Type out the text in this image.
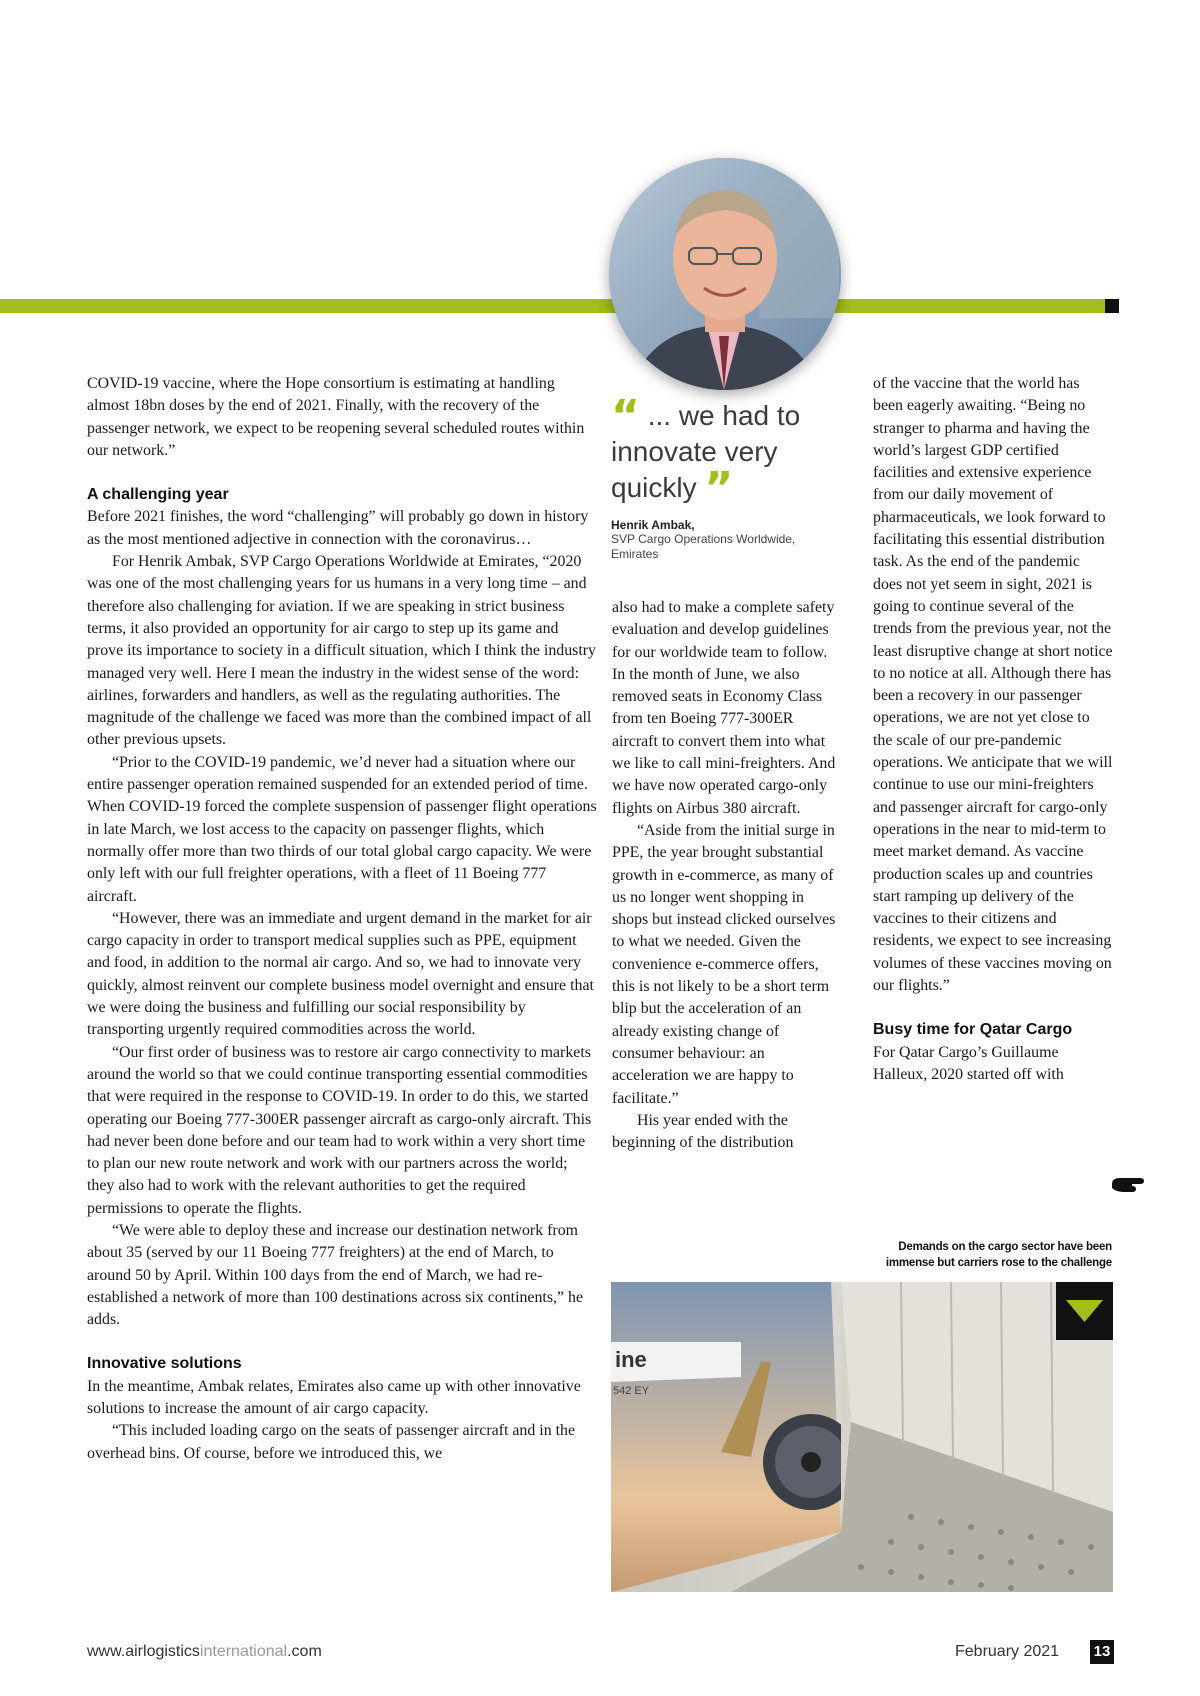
COVID-19 vaccine, where the Hope consortium is estimating at handling almost 18bn doses by the end of 2021. Finally, with the recovery of the passenger network, we expect to be reopening several scheduled routes within our network.”

A challenging year

Before 2021 finishes, the word “challenging” will probably go down in history as the most mentioned adjective in connection with the coronavirus…

For Henrik Ambak, SVP Cargo Operations Worldwide at Emirates, “2020 was one of the most challenging years for us humans in a very long time – and therefore also challenging for aviation. If we are speaking in strict business terms, it also provided an opportunity for air cargo to step up its game and prove its importance to society in a difficult situation, which I think the industry managed very well. Here I mean the industry in the widest sense of the word: airlines, forwarders and handlers, as well as the regulating authorities. The magnitude of the challenge we faced was more than the combined impact of all other previous upsets.

“Prior to the COVID-19 pandemic, we’d never had a situation where our entire passenger operation remained suspended for an extended period of time. When COVID-19 forced the complete suspension of passenger flight operations in late March, we lost access to the capacity on passenger flights, which normally offer more than two thirds of our total global cargo capacity. We were only left with our full freighter operations, with a fleet of 11 Boeing 777 aircraft.

“However, there was an immediate and urgent demand in the market for air cargo capacity in order to transport medical supplies such as PPE, equipment and food, in addition to the normal air cargo. And so, we had to innovate very quickly, almost reinvent our complete business model overnight and ensure that we were doing the business and fulfilling our social responsibility by transporting urgently required commodities across the world.

“Our first order of business was to restore air cargo connectivity to markets around the world so that we could continue transporting essential commodities that were required in the response to COVID-19. In order to do this, we started operating our Boeing 777-300ER passenger aircraft as cargo-only aircraft. This had never been done before and our team had to work within a very short time to plan our new route network and work with our partners across the world; they also had to work with the relevant authorities to get the required permissions to operate the flights.

“We were able to deploy these and increase our destination network from about 35 (served by our 11 Boeing 777 freighters) at the end of March, to around 50 by April. Within 100 days from the end of March, we had re-established a network of more than 100 destinations across six continents,” he adds.

Innovative solutions

In the meantime, Ambak relates, Emirates also came up with other innovative solutions to increase the amount of air cargo capacity.

“This included loading cargo on the seats of passenger aircraft and in the overhead bins. Of course, before we introduced this, we

“ ... we had to innovate very quickly ”
Henrik Ambak,
SVP Cargo Operations Worldwide, Emirates

also had to make a complete safety evaluation and develop guidelines for our worldwide team to follow. In the month of June, we also removed seats in Economy Class from ten Boeing 777-300ER aircraft to convert them into what we like to call mini-freighters. And we have now operated cargo-only flights on Airbus 380 aircraft.

“Aside from the initial surge in PPE, the year brought substantial growth in e-commerce, as many of us no longer went shopping in shops but instead clicked ourselves to what we needed. Given the convenience e-commerce offers, this is not likely to be a short term blip but the acceleration of an already existing change of consumer behaviour: an acceleration we are happy to facilitate.”

His year ended with the beginning of the distribution

of the vaccine that the world has been eagerly awaiting. “Being no stranger to pharma and having the world’s largest GDP certified facilities and extensive experience from our daily movement of pharmaceuticals, we look forward to facilitating this essential distribution task. As the end of the pandemic does not yet seem in sight, 2021 is going to continue several of the trends from the previous year, not the least disruptive change at short notice to no notice at all. Although there has been a recovery in our passenger operations, we are not yet close to the scale of our pre-pandemic operations. We anticipate that we will continue to use our mini-freighters and passenger aircraft for cargo-only operations in the near to mid-term to meet market demand. As vaccine production scales up and countries start ramping up delivery of the vaccines to their citizens and residents, we expect to see increasing volumes of these vaccines moving on our flights.”

Busy time for Qatar Cargo

For Qatar Cargo’s Guillaume Halleux, 2020 started off with

Demands on the cargo sector have been
immense but carriers rose to the challenge
ine
542 EY
www.airlogisticsinternational.com	February 2021 13
